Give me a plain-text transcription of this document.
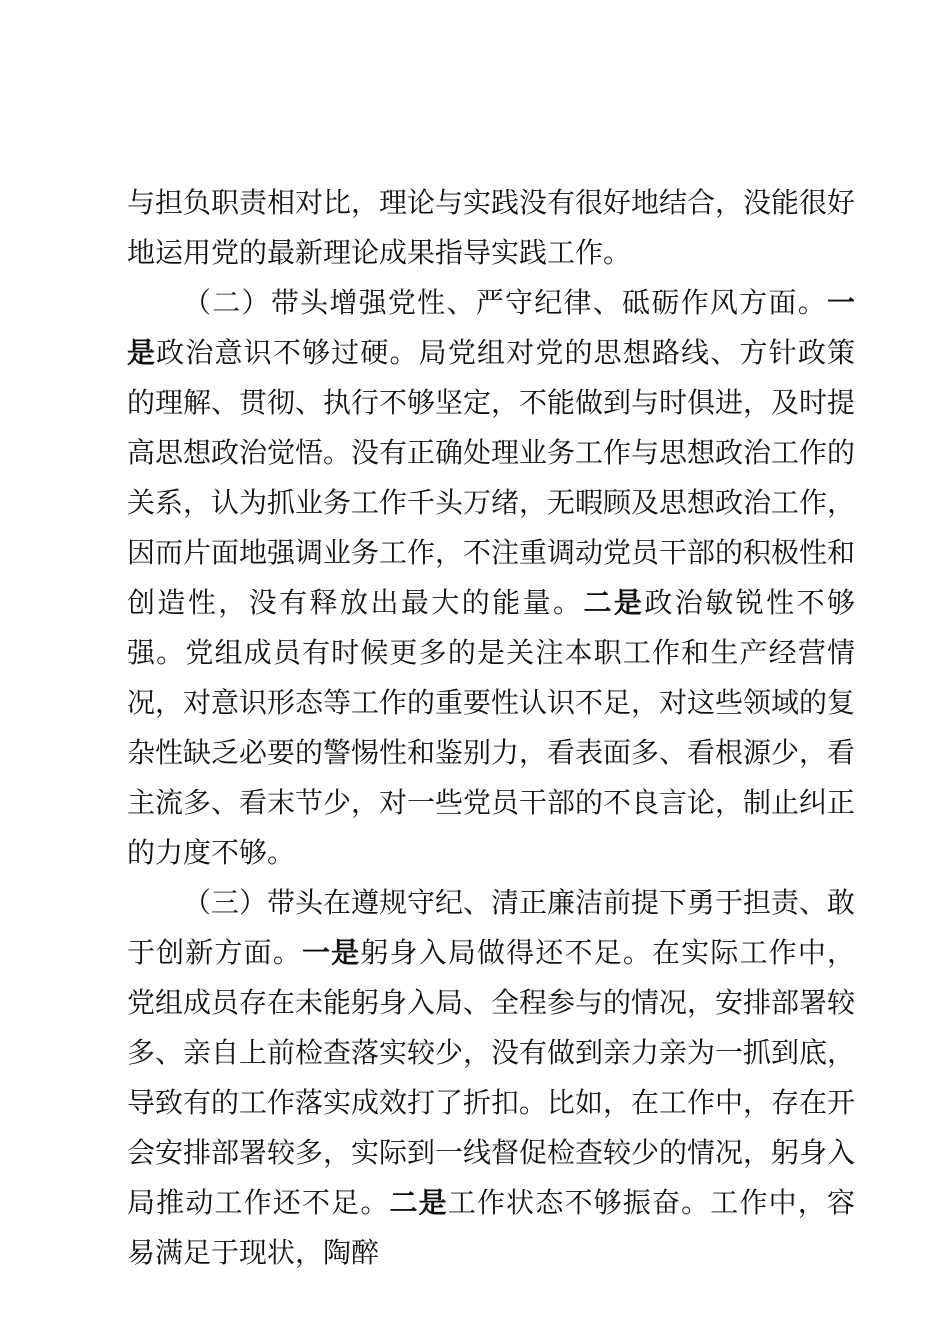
与担负职责相对比，理论与实践没有很好地结合，没能很好地运用党的最新理论成果指导实践工作。

（二）带头增强党性、严守纪律、砥砺作风方面。一是政治意识不够过硬。局党组对党的思想路线、方针政策的理解、贯彻、执行不够坚定，不能做到与时俱进，及时提高思想政治觉悟。没有正确处理业务工作与思想政治工作的关系，认为抓业务工作千头万绪，无暇顾及思想政治工作，因而片面地强调业务工作，不注重调动党员干部的积极性和创造性，没有释放出最大的能量。二是政治敏锐性不够强。党组成员有时候更多的是关注本职工作和生产经营情况，对意识形态等工作的重要性认识不足，对这些领域的复杂性缺乏必要的警惕性和鉴别力，看表面多、看根源少，看主流多、看末节少，对一些党员干部的不良言论，制止纠正的力度不够。

（三）带头在遵规守纪、清正廉洁前提下勇于担责、敢于创新方面。一是躬身入局做得还不足。在实际工作中，党组成员存在未能躬身入局、全程参与的情况，安排部署较多、亲自上前检查落实较少，没有做到亲力亲为一抓到底，导致有的工作落实成效打了折扣。比如，在工作中，存在开会安排部署较多，实际到一线督促检查较少的情况，躬身入局推动工作还不足。二是工作状态不够振奋。工作中，容易满足于现状，陶醉
